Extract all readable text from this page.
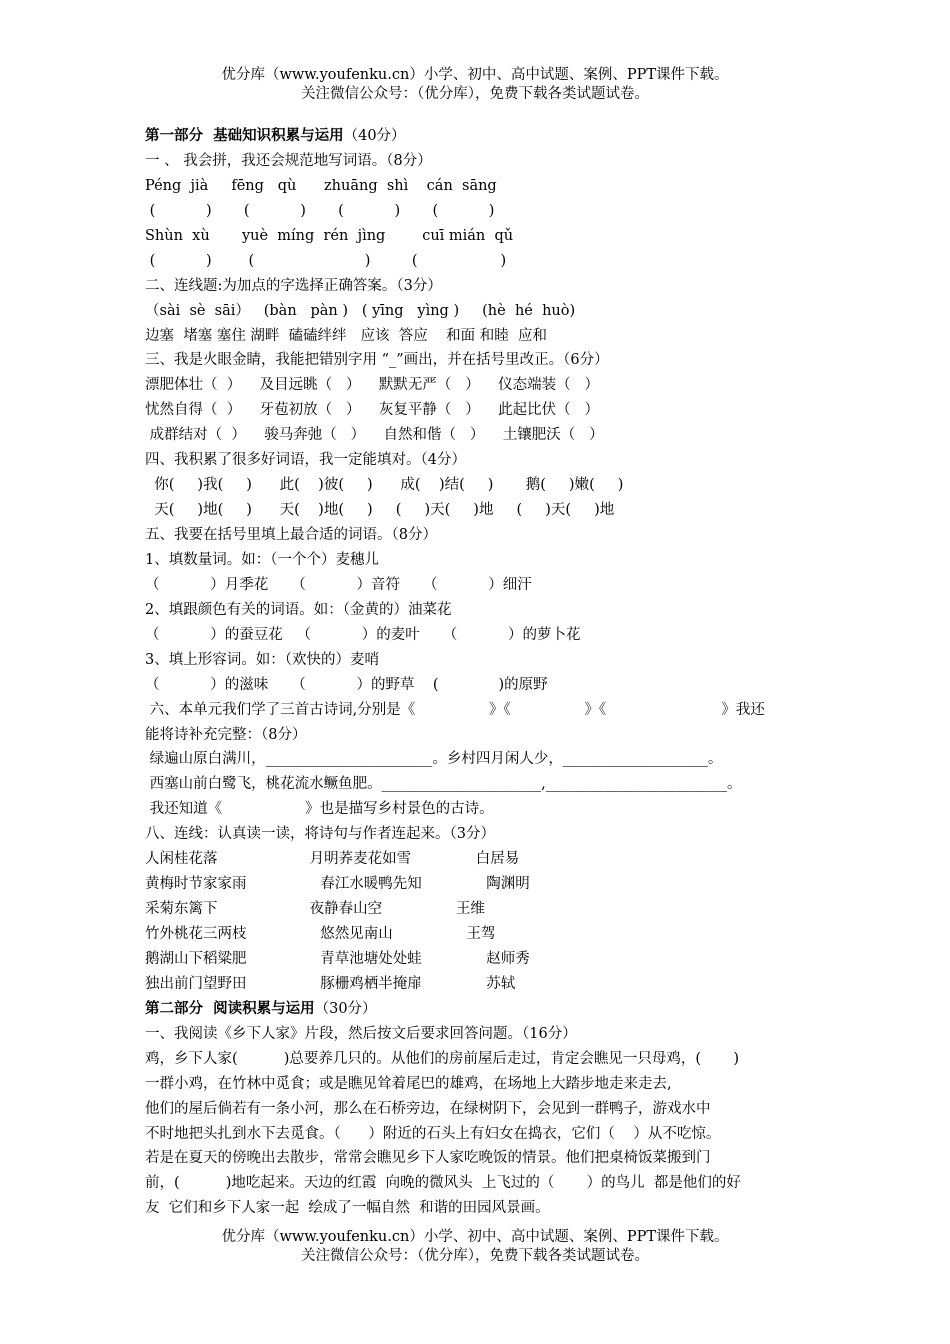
优分库（www.youfenku.cn）小学、初中、高中试题、案例、PPT课件下载。
关注微信公众号：（优分库），免费下载各类试题试卷。
第一部分  基础知识积累与运用（40分）
一 、 我会拼，我还会规范地写词语。（8分）
Péng  jià     fēng   qù      zhuāng  shì    cán  sāng
(           )       (           )       (           )       (           )
Shùn  xù       yuè  míng  rén  jìng        cuī mián  qǔ
(           )        (                        )         (                  )
二、连线题:为加点的字选择正确答案。（3分）
（sài  sè  sāi）   (bàn   pàn )   ( yīng   yìng )     (hè  hé  huò)
边塞  堵塞 塞住 湖畔  磕磕绊绊   应该  答应    和面 和睦  应和
三、我是火眼金睛，我能把错别字用 “_”画出，并在括号里改正。（6分）
漂肥体壮（  ）    及目远眺（   ）    默默无严（   ）    仪态端装（   ）
忧然自得（  ）    牙苞初放（   ）    灰复平静（   ）    此起比伏（   ）
成群结对（  ）    骏马奔弛（   ）    自然和偕（   ）    土镶肥沃（   ）
四、我积累了很多好词语，我一定能填对。（4分）
你(     )我(     )      此(    )彼(     )      成(    )结(     )       鹅(     )嫩(     )
天(     )地(     )      天(    )地(     )     (     )天(     )地     (     )天(     )地
五、我要在括号里填上最合适的词语。（8分）
1、填数量词。如：（一个个）麦穗儿
（           ）月季花     （           ）音符     （           ）细汗
2、填跟颜色有关的词语。如：（金黄的）油菜花
（           ）的蚕豆花   （           ）的麦叶     （           ）的萝卜花
3、填上形容词。如：（欢快的）麦哨
（           ）的滋味     （           ）的野草    (             )的原野
六、本单元我们学了三首古诗词,分别是《                》《                》《                         》我还
能将诗补充完整：（8分）
绿遍山原白满川，_______________________。乡村四月闲人少，____________________。
西塞山前白鹭飞，桃花流水鳜鱼肥。______________________,_________________________。
我还知道《                  》也是描写乡村景色的古诗。
八、连线：认真读一读，将诗句与作者连起来。（3分）
人闲桂花落                    月明荞麦花如雪              白居易
黄梅时节家家雨                春江水暖鸭先知              陶渊明
采菊东篱下                    夜静春山空                王维
竹外桃花三两枝                悠然见南山                王驾
鹅湖山下稻粱肥                青草池塘处处蛙              赵师秀
独出前门望野田                豚栅鸡栖半掩扉              苏轼
第二部分  阅读积累与运用（30分）
一、我阅读《乡下人家》片段，然后按文后要求回答问题。（16分）
鸡，乡下人家(          )总要养几只的。从他们的房前屋后走过，肯定会瞧见一只母鸡，(       )
一群小鸡，在竹林中觅食；或是瞧见耸着尾巴的雄鸡，在场地上大踏步地走来走去,
他们的屋后倘若有一条小河，那么在石桥旁边，在绿树阴下，会见到一群鸭子，游戏水中
不时地把头扎到水下去觅食。（      ）附近的石头上有妇女在捣衣，它们（    ）从不吃惊。
若是在夏天的傍晚出去散步，常常会瞧见乡下人家吃晚饭的情景。他们把桌椅饭菜搬到门
前，(          )地吃起来。天边的红霞  向晚的微风头  上飞过的（       ）的鸟儿  都是他们的好
友  它们和乡下人家一起  绘成了一幅自然  和谐的田园风景画。
优分库（www.youfenku.cn）小学、初中、高中试题、案例、PPT课件下载。
关注微信公众号：（优分库），免费下载各类试题试卷。
